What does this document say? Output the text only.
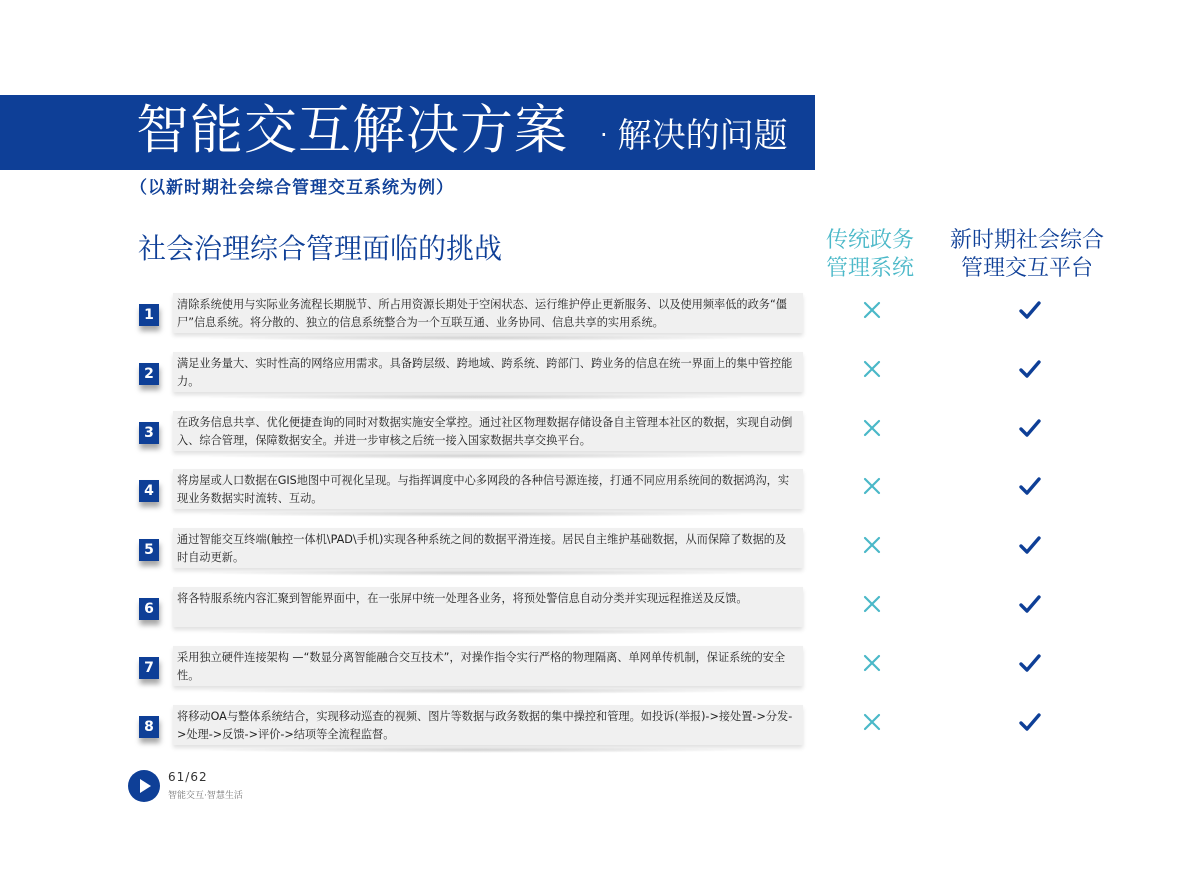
智能交互解决方案 · 解决的问题
（以新时期社会综合管理交互系统为例）
社会治理综合管理面临的挑战	传统政务
管理系统
新时期社会综合
管理交互平台
1
清除系统使用与实际业务流程长期脱节、所占用资源长期处于空闲状态、运行维护停止更新服务、以及使用频率低的政务“僵尸”信息系统。将分散的、独立的信息系统整合为一个互联互通、业务协同、信息共享的实用系统。
2
满足业务量大、实时性高的网络应用需求。具备跨层级、跨地域、跨系统、跨部门、跨业务的信息在统一界面上的集中管控能力。
3
在政务信息共享、优化便捷查询的同时对数据实施安全掌控。通过社区物理数据存储设备自主管理本社区的数据，实现自动倒入、综合管理，保障数据安全。并进一步审核之后统一接入国家数据共享交换平台。
4
将房屋或人口数据在GIS地图中可视化呈现。与指挥调度中心多网段的各种信号源连接，打通不同应用系统间的数据鸿沟，实现业务数据实时流转、互动。
5
通过智能交互终端(触控一体机\PAD\手机)实现各种系统之间的数据平滑连接。居民自主维护基础数据，从而保障了数据的及时自动更新。
6
将各特服系统内容汇聚到智能界面中，在一张屏中统一处理各业务，将预处警信息自动分类并实现远程推送及反馈。
7
采用独立硬件连接架构 —“数显分离智能融合交互技术”，对操作指令实行严格的物理隔离、单网单传机制，保证系统的安全性。
8
将移动OA与整体系统结合，实现移动巡查的视频、图片等数据与政务数据的集中操控和管理。如投诉(举报)->接处置->分发->处理->反馈->评价->结项等全流程监督。
61/62
智能交互·智慧生活
